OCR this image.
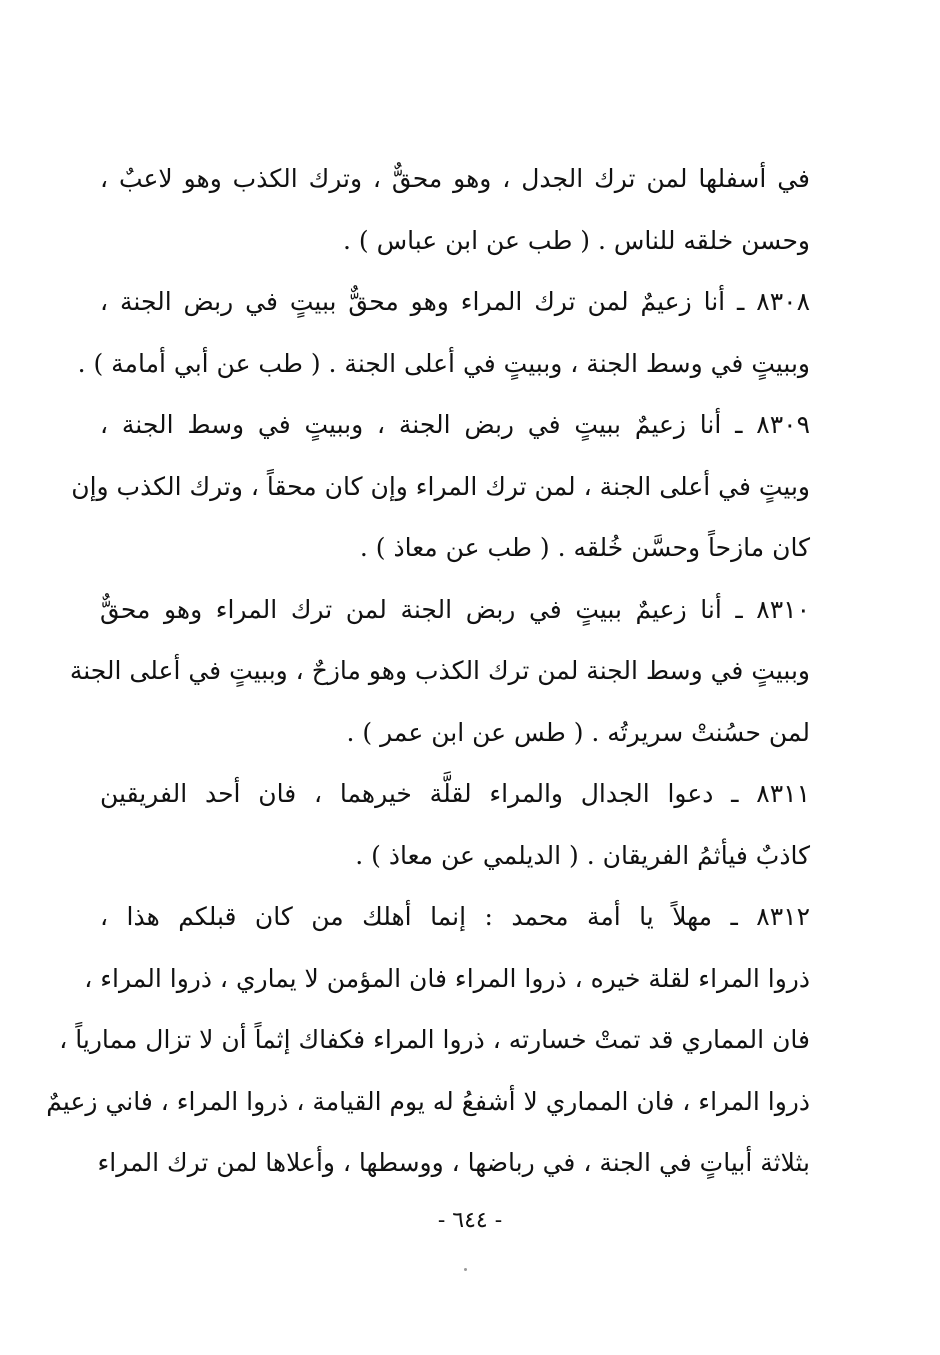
في أسفلها لمن ترك الجدل ، وهو محقٌّ ، وترك الكذب وهو لاعبٌ ،
وحسن خلقه للناس . ( طب عن ابن عباس ) .

٨٣٠٨ ـ أنا زعيمٌ لمن ترك المراء وهو محقٌّ ببيتٍ في ربض الجنة ،
وببيتٍ في وسط الجنة ، وببيتٍ في أعلى الجنة . ( طب عن أبي أمامة ) .

٨٣٠٩ ـ أنا زعيمٌ ببيتٍ في ربض الجنة ، وببيتٍ في وسط الجنة ،
وبيتٍ في أعلى الجنة ، لمن ترك المراء وإن كان محقاً ، وترك الكذب وإن
كان مازحاً وحسَّن خُلقه . ( طب عن معاذ ) .

٨٣١٠ ـ أنا زعيمٌ ببيتٍ في ربض الجنة لمن ترك المراء وهو محقٌّ
وببيتٍ في وسط الجنة لمن ترك الكذب وهو مازحٌ ، وببيتٍ في أعلى الجنة
لمن حسُنتْ سريرتُه . ( طس عن ابن عمر ) .

٨٣١١ ـ دعوا الجدال والمراء لقلَّة خيرهما ، فان أحد الفريقين
كاذبٌ فيأثمُ الفريقان . ( الديلمي عن معاذ ) .

٨٣١٢ ـ مهلاً يا أمة محمد : إنما أهلك من كان قبلكم هذا ،
ذروا المراء لقلة خيره ، ذروا المراء فان المؤمن لا يماري ، ذروا المراء ،
فان المماري قد تمتْ خسارته ، ذروا المراء فكفاك إثماً أن لا تزال ممارياً ،
ذروا المراء ، فان المماري لا أشفعُ له يوم القيامة ، ذروا المراء ، فاني زعيمٌ
بثلاثة أبياتٍ في الجنة ، في رباضها ، ووسطها ، وأعلاها لمن ترك المراء

- ٦٤٤ -
